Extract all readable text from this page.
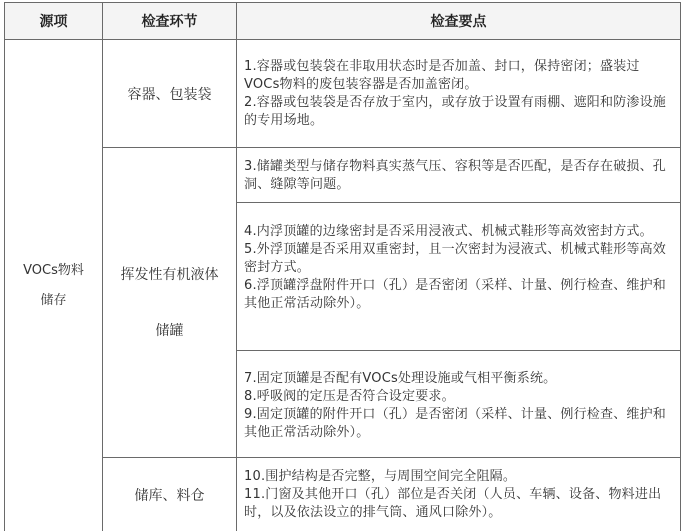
源项	检查环节	检查要点
VOCs物料
储存
容器、包装袋
挥发性有机液体
储罐
储库、料仓

1.容器或包装袋在非取用状态时是否加盖、封口，保持密闭；盛装过VOCs物料的废包装容器是否加盖密闭。

2.容器或包装袋是否存放于室内，或存放于设置有雨棚、遮阳和防渗设施的专用场地。

3.储罐类型与储存物料真实蒸气压、容积等是否匹配，是否存在破损、孔洞、缝隙等问题。

4.内浮顶罐的边缘密封是否采用浸液式、机械式鞋形等高效密封方式。

5.外浮顶罐是否采用双重密封，且一次密封为浸液式、机械式鞋形等高效密封方式。

6.浮顶罐浮盘附件开口（孔）是否密闭（采样、计量、例行检查、维护和其他正常活动除外）。

7.固定顶罐是否配有VOCs处理设施或气相平衡系统。

8.呼吸阀的定压是否符合设定要求。

9.固定顶罐的附件开口（孔）是否密闭（采样、计量、例行检查、维护和其他正常活动除外）。

10.围护结构是否完整，与周围空间完全阻隔。

11.门窗及其他开口（孔）部位是否关闭（人员、车辆、设备、物料进出时，以及依法设立的排气筒、通风口除外）。
